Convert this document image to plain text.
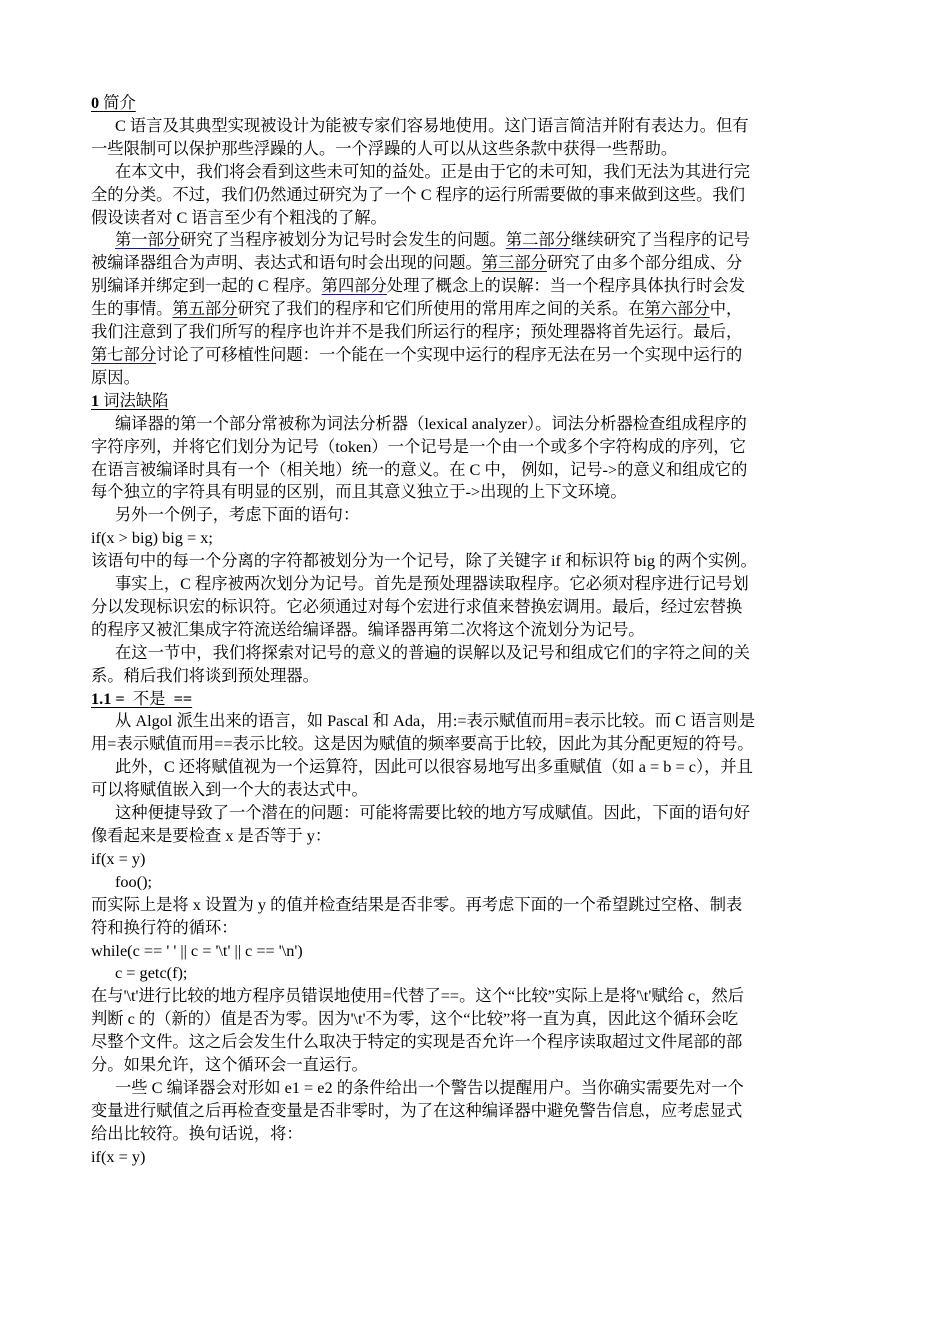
0 简介
C 语言及其典型实现被设计为能被专家们容易地使用。这门语言简洁并附有表达力。但有
一些限制可以保护那些浮躁的人。一个浮躁的人可以从这些条款中获得一些帮助。
在本文中，我们将会看到这些未可知的益处。正是由于它的未可知，我们无法为其进行完
全的分类。不过，我们仍然通过研究为了一个 C 程序的运行所需要做的事来做到这些。我们
假设读者对 C 语言至少有个粗浅的了解。
第一部分研究了当程序被划分为记号时会发生的问题。第二部分继续研究了当程序的记号
被编译器组合为声明、表达式和语句时会出现的问题。第三部分研究了由多个部分组成、分
别编译并绑定到一起的 C 程序。第四部分处理了概念上的误解：当一个程序具体执行时会发
生的事情。第五部分研究了我们的程序和它们所使用的常用库之间的关系。在第六部分中，
我们注意到了我们所写的程序也许并不是我们所运行的程序；预处理器将首先运行。最后，
第七部分讨论了可移植性问题：一个能在一个实现中运行的程序无法在另一个实现中运行的
原因。
1 词法缺陷
编译器的第一个部分常被称为词法分析器（lexical analyzer）。词法分析器检查组成程序的
字符序列，并将它们划分为记号（token）一个记号是一个由一个或多个字符构成的序列，它
在语言被编译时具有一个（相关地）统一的意义。在 C 中， 例如，记号->的意义和组成它的
每个独立的字符具有明显的区别，而且其意义独立于->出现的上下文环境。
另外一个例子，考虑下面的语句：
if(x > big) big = x;
该语句中的每一个分离的字符都被划分为一个记号，除了关键字 if 和标识符 big 的两个实例。
事实上，C 程序被两次划分为记号。首先是预处理器读取程序。它必须对程序进行记号划
分以发现标识宏的标识符。它必须通过对每个宏进行求值来替换宏调用。最后，经过宏替换
的程序又被汇集成字符流送给编译器。编译器再第二次将这个流划分为记号。
在这一节中，我们将探索对记号的意义的普遍的误解以及记号和组成它们的字符之间的关
系。稍后我们将谈到预处理器。
1.1 = 不是 ==
从 Algol 派生出来的语言，如 Pascal 和 Ada，用:=表示赋值而用=表示比较。而 C 语言则是
用=表示赋值而用==表示比较。这是因为赋值的频率要高于比较，因此为其分配更短的符号。
此外，C 还将赋值视为一个运算符，因此可以很容易地写出多重赋值（如 a = b = c），并且
可以将赋值嵌入到一个大的表达式中。
这种便捷导致了一个潜在的问题：可能将需要比较的地方写成赋值。因此，下面的语句好
像看起来是要检查 x 是否等于 y：
if(x = y)
foo();
而实际上是将 x 设置为 y 的值并检查结果是否非零。再考虑下面的一个希望跳过空格、制表
符和换行符的循环：
while(c == ' ' || c = '\t' || c == '\n')
c = getc(f);
在与'\t'进行比较的地方程序员错误地使用=代替了==。这个“比较”实际上是将'\t'赋给 c，然后
判断 c 的（新的）值是否为零。因为'\t'不为零，这个“比较”将一直为真，因此这个循环会吃
尽整个文件。这之后会发生什么取决于特定的实现是否允许一个程序读取超过文件尾部的部
分。如果允许，这个循环会一直运行。
一些 C 编译器会对形如 e1 = e2 的条件给出一个警告以提醒用户。当你确实需要先对一个
变量进行赋值之后再检查变量是否非零时，为了在这种编译器中避免警告信息，应考虑显式
给出比较符。换句话说，将：
if(x = y)
